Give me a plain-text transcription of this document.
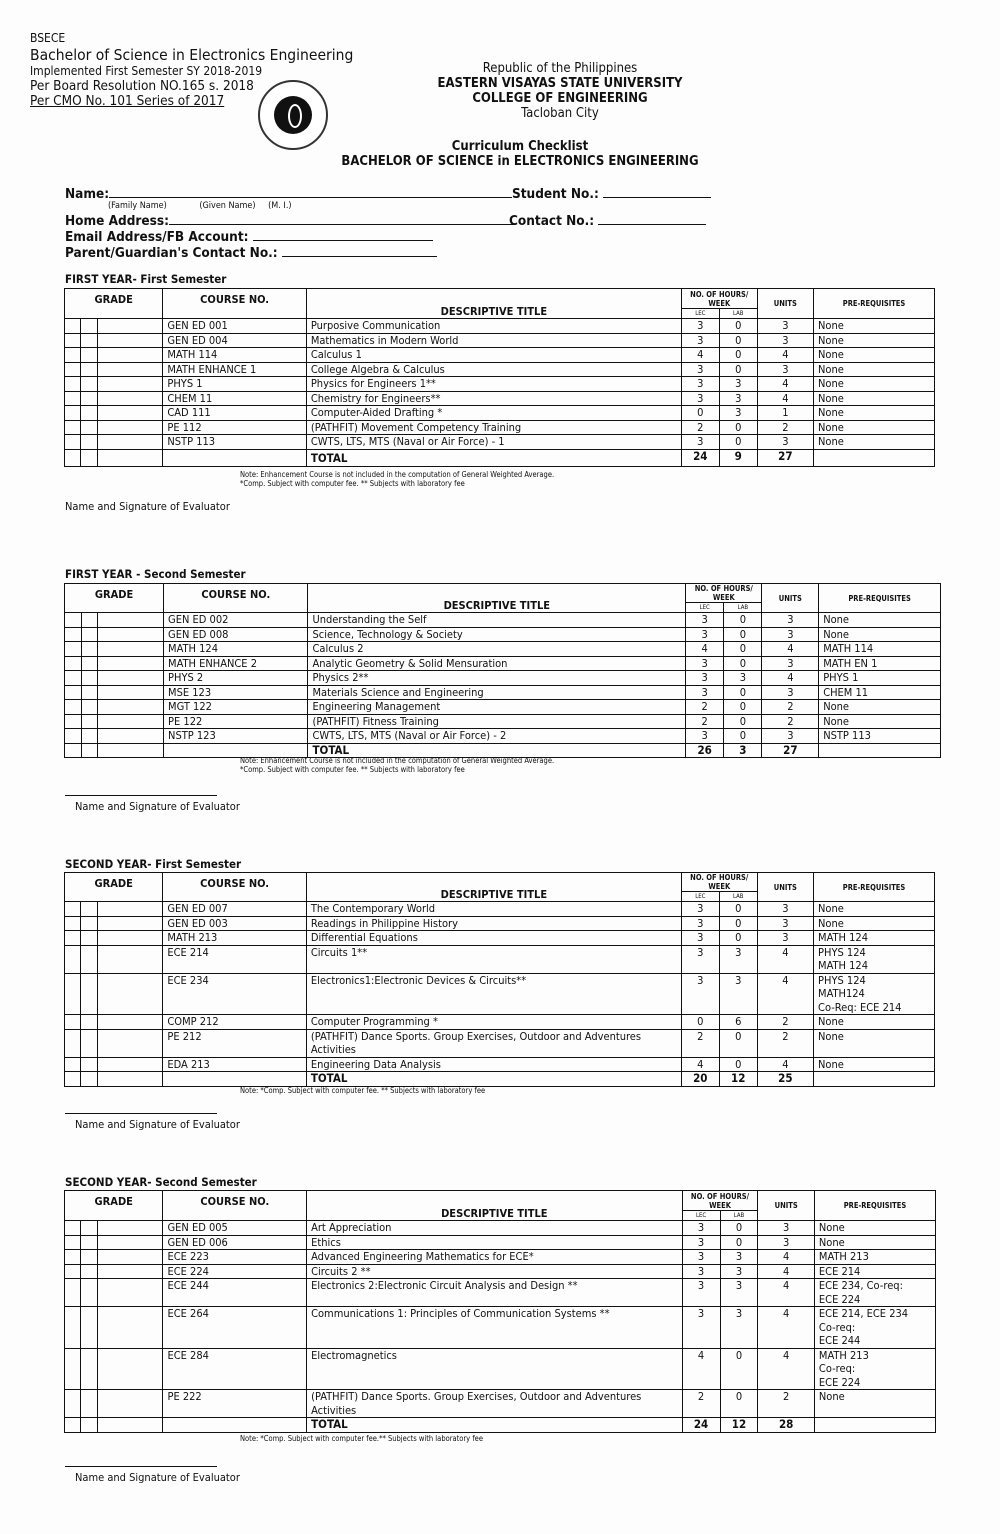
BSECE
Bachelor of Science in Electronics Engineering
Implemented First Semester SY 2018-2019
Per Board Resolution NO.165 s. 2018
Per CMO No. 101 Series of 2017
Republic of the Philippines
EASTERN VISAYAS STATE UNIVERSITY
COLLEGE OF ENGINEERING
Tacloban City
Curriculum Checklist
BACHELOR OF SCIENCE in ELECTRONICS ENGINEERING
Name:	Student No.:
(Family Name)	(Given Name) (M. I.)
Home Address:	Contact No.:
Email Address/FB Account:
Parent/Guardian's Contact No.:
FIRST YEAR- First Semester
GRADE			COURSE NO.	DESCRIPTIVE TITLE	NO. OF HOURS/ WEEK		UNITS	PRE-REQUISITES
					LEC	LAB		
			GEN ED 001	Purposive Communication	3	0	3	None
			GEN ED 004	Mathematics in Modern World	3	0	3	None
			MATH 114	Calculus 1	4	0	4	None
			MATH ENHANCE 1	College Algebra & Calculus	3	0	3	None
			PHYS 1	Physics for Engineers 1**	3	3	4	None
			CHEM 11	Chemistry for Engineers**	3	3	4	None
			CAD 111	Computer-Aided Drafting *	0	3	1	None
			PE 112	(PATHFIT) Movement Competency Training	2	0	2	None
			NSTP 113	CWTS, LTS, MTS (Naval or Air Force) - 1	3	0	3	None
				TOTAL	24	9	27	
Note: Enhancement Course is not included in the computation of General Weighted Average.
*Comp. Subject with computer fee. ** Subjects with laboratory fee
Name and Signature of Evaluator
FIRST YEAR - Second Semester
GRADE			COURSE NO.	DESCRIPTIVE TITLE	NO. OF HOURS/ WEEK		UNITS	PRE-REQUISITES
					LEC	LAB		
			GEN ED 002	Understanding the Self	3	0	3	None
			GEN ED 008	Science, Technology & Society	3	0	3	None
			MATH 124	Calculus 2	4	0	4	MATH 114
			MATH ENHANCE 2	Analytic Geometry & Solid Mensuration	3	0	3	MATH EN 1
			PHYS 2	Physics 2**	3	3	4	PHYS 1
			MSE 123	Materials Science and Engineering	3	0	3	CHEM 11
			MGT 122	Engineering Management	2	0	2	None
			PE 122	(PATHFIT) Fitness Training	2	0	2	None
			NSTP 123	CWTS, LTS, MTS (Naval or Air Force) - 2	3	0	3	NSTP 113
				TOTAL	26	3	27	
Note: Enhancement Course is not included in the computation of General Weighted Average.
*Comp. Subject with computer fee. ** Subjects with laboratory fee
Name and Signature of Evaluator
SECOND YEAR- First Semester
GRADE			COURSE NO.	DESCRIPTIVE TITLE	NO. OF HOURS/ WEEK		UNITS	PRE-REQUISITES
					LEC	LAB		
			GEN ED 007	The Contemporary World	3	0	3	None
			GEN ED 003	Readings in Philippine History	3	0	3	None
			MATH 213	Differential Equations	3	0	3	MATH 124
			ECE 214	Circuits 1**	3	3	4	PHYS 124
MATH 124
			ECE 234	Electronics1:Electronic Devices & Circuits**	3	3	4	PHYS 124
MATH124
Co-Req: ECE 214
			COMP 212	Computer Programming *	0	6	2	None
			PE 212	(PATHFIT) Dance Sports. Group Exercises, Outdoor and Adventures Activities	2	0	2	None
			EDA 213	Engineering Data Analysis	4	0	4	None
				TOTAL	20	12	25	
Note: *Comp. Subject with computer fee. ** Subjects with laboratory fee
Name and Signature of Evaluator
SECOND YEAR- Second Semester
GRADE			COURSE NO.	DESCRIPTIVE TITLE	NO. OF HOURS/ WEEK		UNITS	PRE-REQUISITES
					LEC	LAB		
			GEN ED 005	Art Appreciation	3	0	3	None
			GEN ED 006	Ethics	3	0	3	None
			ECE 223	Advanced Engineering Mathematics for ECE*	3	3	4	MATH 213
			ECE 224	Circuits 2 **	3	3	4	ECE 214
			ECE 244	Electronics 2:Electronic Circuit Analysis and Design **	3	3	4	ECE 234, Co-req:
ECE 224
			ECE 264	Communications 1: Principles of Communication Systems **	3	3	4	ECE 214, ECE 234
Co-req:
ECE 244
			ECE 284	Electromagnetics	4	0	4	MATH 213
Co-req:
ECE 224
			PE 222	(PATHFIT) Dance Sports. Group Exercises, Outdoor and Adventures Activities	2	0	2	None
				TOTAL	24	12	28	
Note: *Comp. Subject with computer fee.** Subjects with laboratory fee
Name and Signature of Evaluator
